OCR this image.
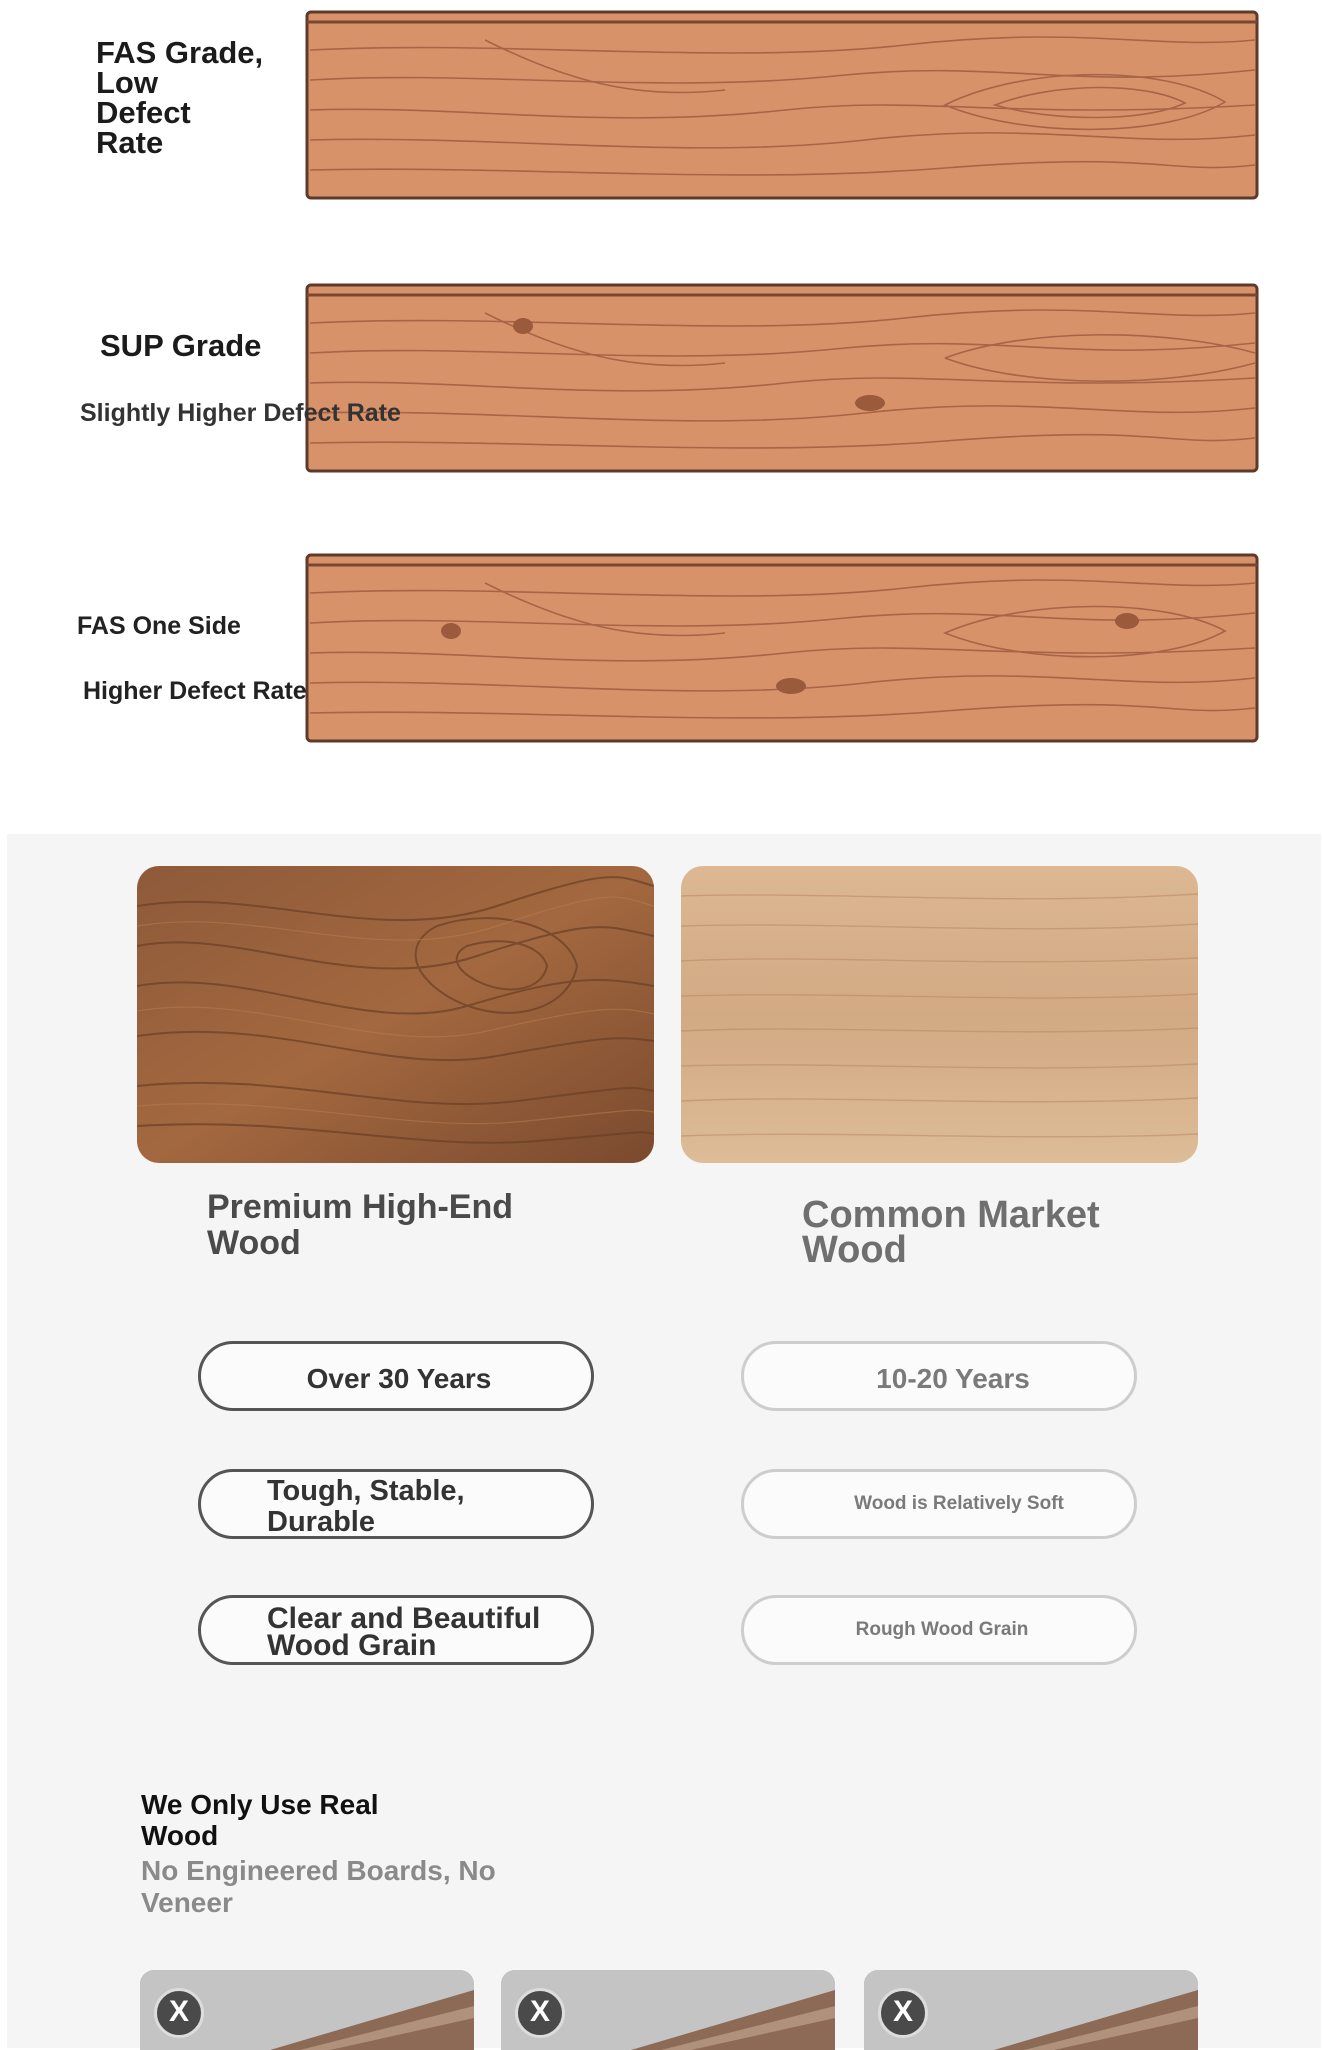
FAS Grade,
Low
Defect
Rate
SUP Grade
Slightly Higher Defect Rate
FAS One Side
Higher Defect Rate
Premium High-End
Wood
Common Market
Wood
Over 30 Years
Tough, Stable,
Durable
Clear and Beautiful
Wood Grain
10-20 Years
Wood is Relatively Soft
Rough Wood Grain
We Only Use Real
Wood
No Engineered Boards, No
Veneer
X	X	X
